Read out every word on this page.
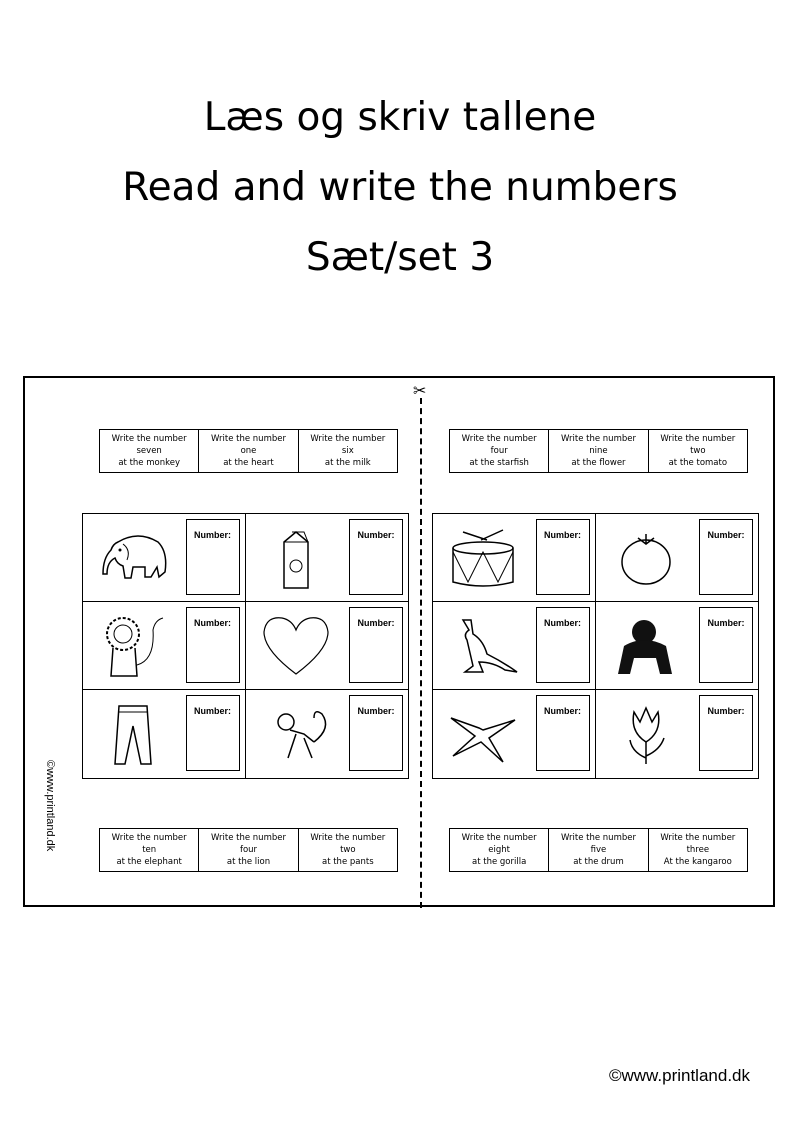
Læs og skriv tallene
Read and write the numbers
Sæt/set 3
✂
©www.printland.dk
Write the number
seven
at the monkey
Write the number
one
at the heart
Write the number
six
at the milk
Write the number
four
at the starfish
Write the number
nine
at the flower
Write the number
two
at the tomato
Number:	Number:
Number:	Number:
Number:	Number:
Number:	Number:
Number:	Number:
Number:	Number:
Write the number
ten
at the elephant
Write the number
four
at the lion
Write the number
two
at the pants
Write the number
eight
at the gorilla
Write the number
five
at the drum
Write the number
three
At the kangaroo
©www.printland.dk
